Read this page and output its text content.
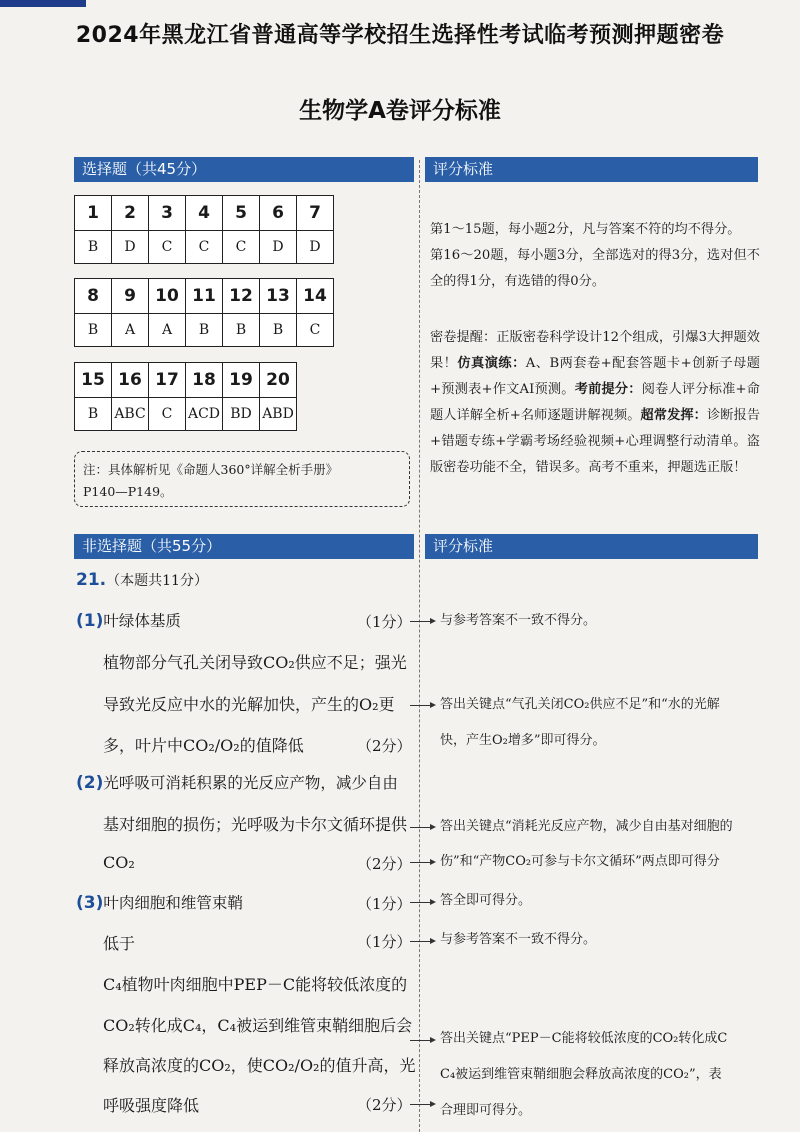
2024年黑龙江省普通高等学校招生选择性考试临考预测押题密卷
生物学A卷评分标准
选择题（共45分）
1	2	3	4	5	6	7
B	D	C	C	C	D	D
8	9	10	11	12	13	14
B	A	A	B	B	B	C
15	16	17	18	19	20
B	ABC	C	ACD	BD	ABD
注：具体解析见《命题人360°详解全析手册》
P140—P149。
评分标准
第1～15题，每小题2分，凡与答案不符的均不得分。
第16～20题，每小题3分，全部选对的得3分，选对但不全的得1分，有选错的得0分。
密卷提醒：正版密卷科学设计12个组成，引爆3大押题效果！仿真演练：A、B两套卷+配套答题卡+创新子母题+预测表+作文AI预测。考前提分：阅卷人评分标准+命题人详解全析+名师逐题讲解视频。超常发挥：诊断报告+错题专练+学霸考场经验视频+心理调整行动清单。盗版密卷功能不全，错误多。高考不重来，押题选正版！
非选择题（共55分）	评分标准
21.（本题共11分）
(1)叶绿体基质	（1分） 与参考答案不一致不得分。
植物部分气孔关闭导致CO₂供应不足；强光
导致光反应中水的光解加快，产生的O₂更
多，叶片中CO₂/O₂的值降低	（2分）
答出关键点“气孔关闭CO₂供应不足”和“水的光解
快，产生O₂增多”即可得分。
(2)光呼吸可消耗积累的光反应产物，减少自由
基对细胞的损伤；光呼吸为卡尔文循环提供
CO₂	（2分）
答出关键点“消耗光反应产物，减少自由基对细胞的
伤”和“产物CO₂可参与卡尔文循环”两点即可得分
(3)叶肉细胞和维管束鞘	（1分） 答全即可得分。
低于	（1分） 与参考答案不一致不得分。
C₄植物叶肉细胞中PEP－C能将较低浓度的
CO₂转化成C₄，C₄被运到维管束鞘细胞后会
释放高浓度的CO₂，使CO₂/O₂的值升高，光
呼吸强度降低	（2分）
答出关键点“PEP－C能将较低浓度的CO₂转化成C
C₄被运到维管束鞘细胞会释放高浓度的CO₂”，表
合理即可得分。
